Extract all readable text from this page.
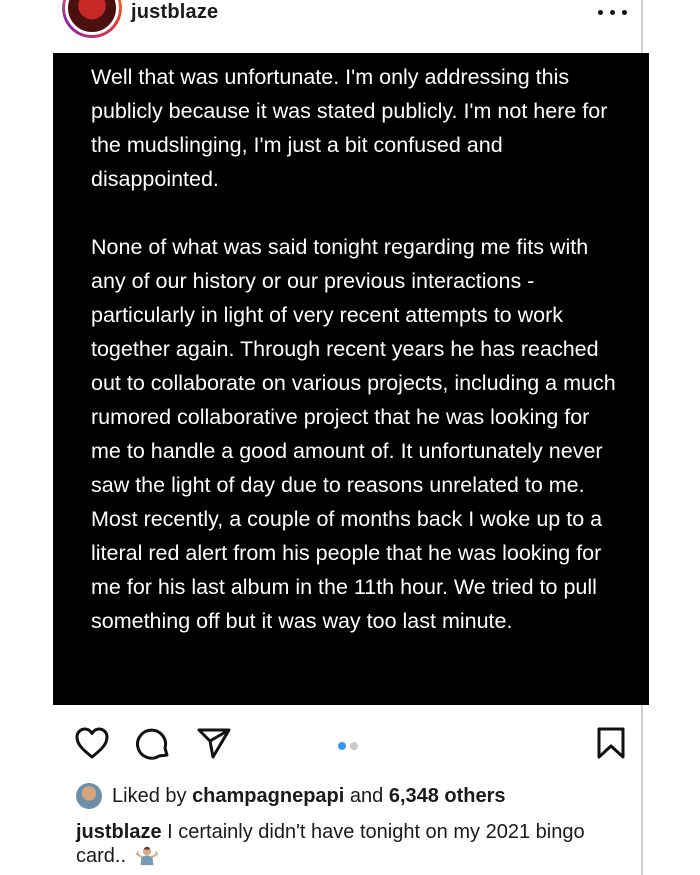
justblaze

Well that was unfortunate. I'm only addressing this publicly because it was stated publicly. I'm not here for the mudslinging, I'm just a bit confused and disappointed.

None of what was said tonight regarding me fits with any of our history or our previous interactions - particularly in light of very recent attempts to work together again. Through recent years he has reached out to collaborate on various projects, including a much rumored collaborative project that he was looking for me to handle a good amount of. It unfortunately never saw the light of day due to reasons unrelated to me. Most recently, a couple of months back I woke up to a literal red alert from his people that he was looking for me for his last album in the 11th hour. We tried to pull something off but it was way too last minute.

Liked by
champagnepapi
and
6,348 others
justblaze I certainly didn't have tonight on my 2021 bingo card..
